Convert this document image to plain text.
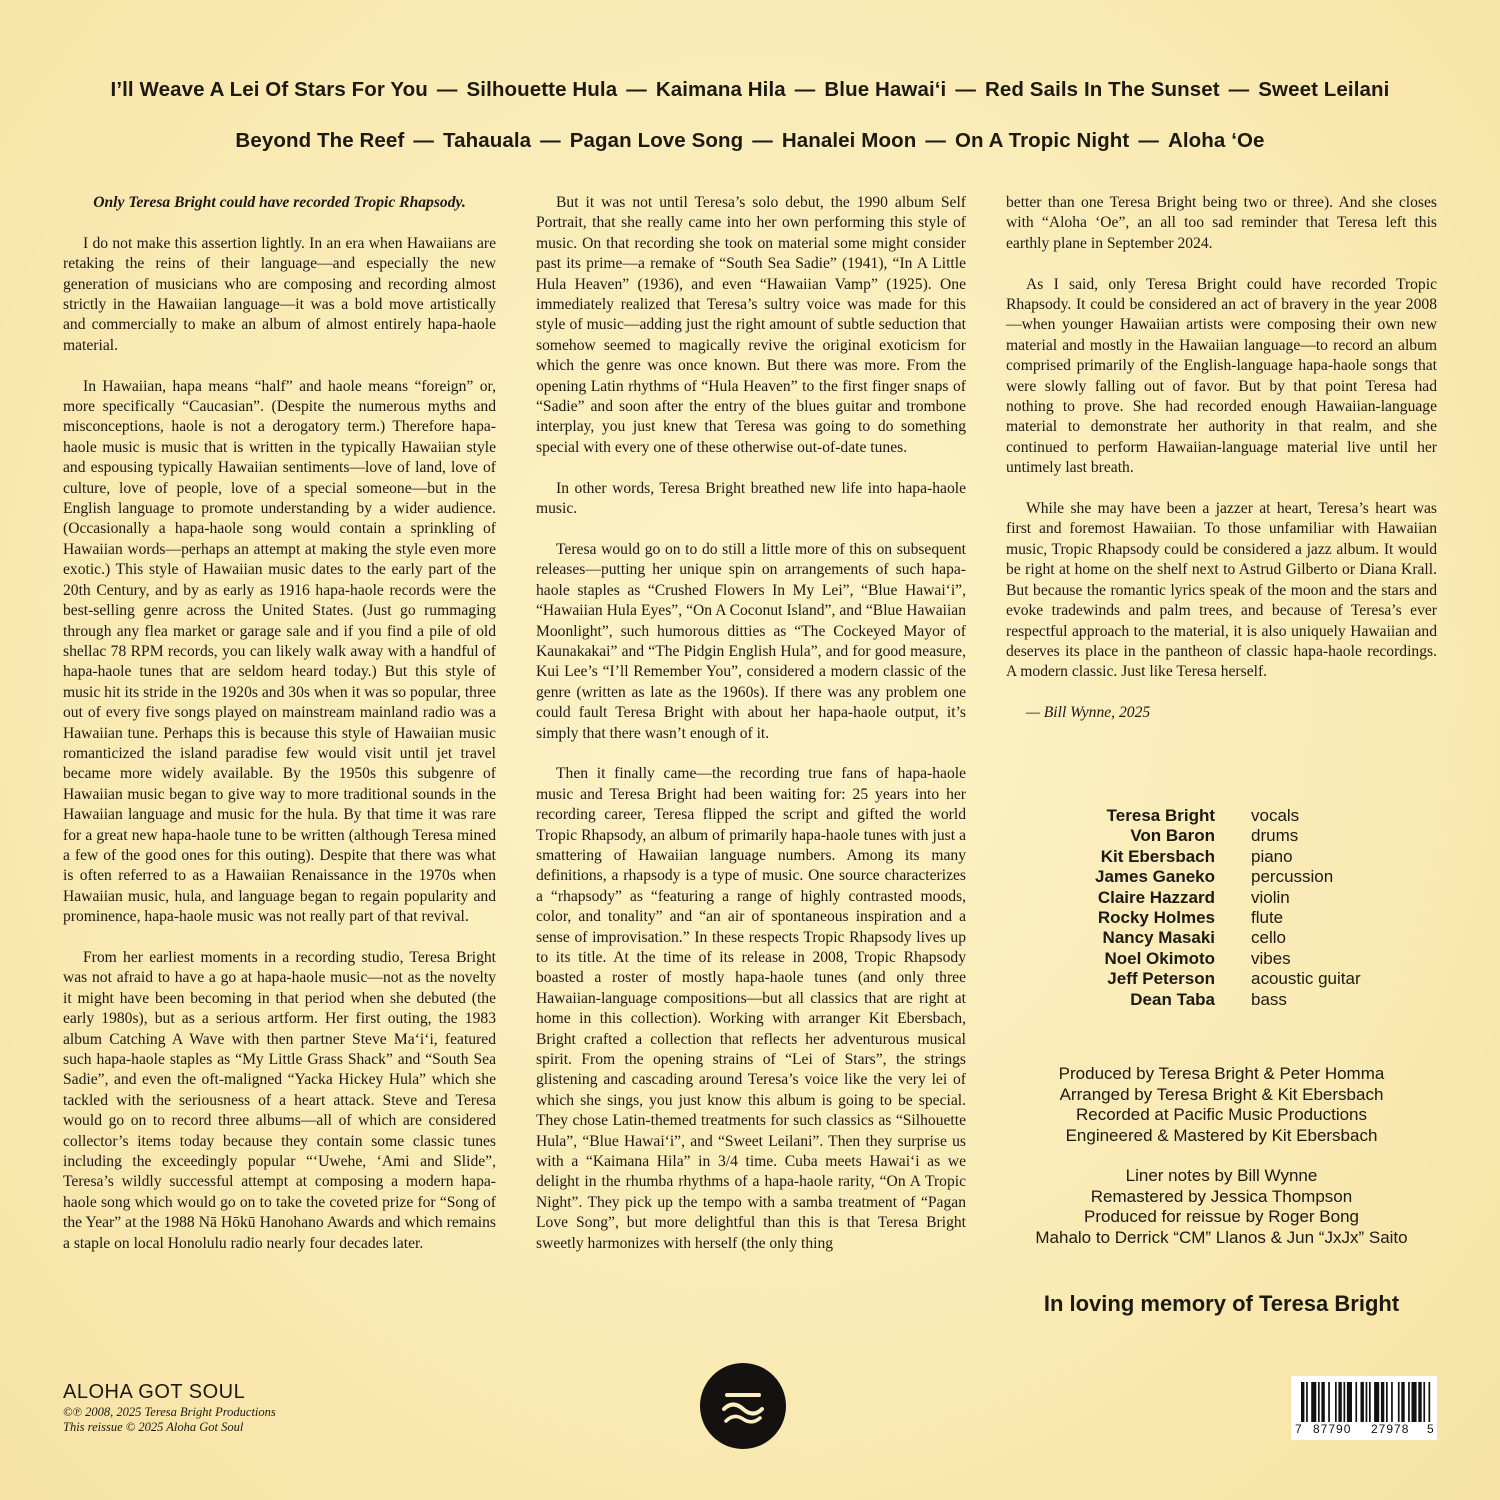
I’ll Weave A Lei Of Stars For You — Silhouette Hula — Kaimana Hila — Blue Hawai‘i — Red Sails In The Sunset — Sweet Leilani
Beyond The Reef — Tahauala — Pagan Love Song — Hanalei Moon — On A Tropic Night — Aloha ‘Oe

Only Teresa Bright could have recorded Tropic Rhapsody.

I do not make this assertion lightly. In an era when Hawaiians are retaking the reins of their language—and especially the new generation of musicians who are composing and recording almost strictly in the Hawaiian language—it was a bold move artistically and commercially to make an album of almost entirely hapa-haole material.

In Hawaiian, hapa means “half” and haole means “foreign” or, more specifically “Caucasian”. (Despite the numerous myths and misconceptions, haole is not a derogatory term.) Therefore hapa-haole music is music that is written in the typically Hawaiian style and espousing typically Hawaiian sentiments—love of land, love of culture, love of people, love of a special someone—but in the English language to promote understanding by a wider audience. (Occasionally a hapa-haole song would contain a sprinkling of Hawaiian words—perhaps an attempt at making the style even more exotic.) This style of Hawaiian music dates to the early part of the 20th Century, and by as early as 1916 hapa-haole records were the best-selling genre across the United States. (Just go rummaging through any flea market or garage sale and if you find a pile of old shellac 78 RPM records, you can likely walk away with a handful of hapa-haole tunes that are seldom heard today.) But this style of music hit its stride in the 1920s and 30s when it was so popular, three out of every five songs played on mainstream mainland radio was a Hawaiian tune. Perhaps this is because this style of Hawaiian music romanticized the island paradise few would visit until jet travel became more widely available. By the 1950s this subgenre of Hawaiian music began to give way to more traditional sounds in the Hawaiian language and music for the hula. By that time it was rare for a great new hapa-haole tune to be written (although Teresa mined a few of the good ones for this outing). Despite that there was what is often referred to as a Hawaiian Renaissance in the 1970s when Hawaiian music, hula, and language began to regain popularity and prominence, hapa-haole music was not really part of that revival.

From her earliest moments in a recording studio, Teresa Bright was not afraid to have a go at hapa-haole music—not as the novelty it might have been becoming in that period when she debuted (the early 1980s), but as a serious artform. Her first outing, the 1983 album Catching A Wave with then partner Steve Ma‘i‘i, featured such hapa-haole staples as “My Little Grass Shack” and “South Sea Sadie”, and even the oft-maligned “Yacka Hickey Hula” which she tackled with the seriousness of a heart attack. Steve and Teresa would go on to record three albums—all of which are considered collector’s items today because they contain some classic tunes including the exceedingly popular “‘Uwehe, ‘Ami and Slide”, Teresa’s wildly successful attempt at composing a modern hapa-haole song which would go on to take the coveted prize for “Song of the Year” at the 1988 Nā Hōkū Hanohano Awards and which remains a staple on local Honolulu radio nearly four decades later.

But it was not until Teresa’s solo debut, the 1990 album Self Portrait, that she really came into her own performing this style of music. On that recording she took on material some might consider past its prime—a remake of “South Sea Sadie” (1941), “In A Little Hula Heaven” (1936), and even “Hawaiian Vamp” (1925). One immediately realized that Teresa’s sultry voice was made for this style of music—adding just the right amount of subtle seduction that somehow seemed to magically revive the original exoticism for which the genre was once known. But there was more. From the opening Latin rhythms of “Hula Heaven” to the first finger snaps of “Sadie” and soon after the entry of the blues guitar and trombone interplay, you just knew that Teresa was going to do something special with every one of these otherwise out-of-date tunes.

In other words, Teresa Bright breathed new life into hapa-haole music.

Teresa would go on to do still a little more of this on subsequent releases—putting her unique spin on arrangements of such hapa-haole staples as “Crushed Flowers In My Lei”, “Blue Hawai‘i”, “Hawaiian Hula Eyes”, “On A Coconut Island”, and “Blue Hawaiian Moonlight”, such humorous ditties as “The Cockeyed Mayor of Kaunakakai” and “The Pidgin English Hula”, and for good measure, Kui Lee’s “I’ll Remember You”, considered a modern classic of the genre (written as late as the 1960s). If there was any problem one could fault Teresa Bright with about her hapa-haole output, it’s simply that there wasn’t enough of it.

Then it finally came—the recording true fans of hapa-haole music and Teresa Bright had been waiting for: 25 years into her recording career, Teresa flipped the script and gifted the world Tropic Rhapsody, an album of primarily hapa-haole tunes with just a smattering of Hawaiian language numbers. Among its many definitions, a rhapsody is a type of music. One source characterizes a “rhapsody” as “featuring a range of highly contrasted moods, color, and tonality” and “an air of spontaneous inspiration and a sense of improvisation.” In these respects Tropic Rhapsody lives up to its title. At the time of its release in 2008, Tropic Rhapsody boasted a roster of mostly hapa-haole tunes (and only three Hawaiian-language compositions—but all classics that are right at home in this collection). Working with arranger Kit Ebersbach, Bright crafted a collection that reflects her adventurous musical spirit. From the opening strains of “Lei of Stars”, the strings glistening and cascading around Teresa’s voice like the very lei of which she sings, you just know this album is going to be special. They chose Latin-themed treatments for such classics as “Silhouette Hula”, “Blue Hawai‘i”, and “Sweet Leilani”. Then they surprise us with a “Kaimana Hila” in 3/4 time. Cuba meets Hawai‘i as we delight in the rhumba rhythms of a hapa-haole rarity, “On A Tropic Night”. They pick up the tempo with a samba treatment of “Pagan Love Song”, but more delightful than this is that Teresa Bright sweetly harmonizes with herself (the only thing

better than one Teresa Bright being two or three). And she closes with “Aloha ‘Oe”, an all too sad reminder that Teresa left this earthly plane in September 2024.

As I said, only Teresa Bright could have recorded Tropic Rhapsody. It could be considered an act of bravery in the year 2008—when younger Hawaiian artists were composing their own new material and mostly in the Hawaiian language—to record an album comprised primarily of the English-language hapa-haole songs that were slowly falling out of favor. But by that point Teresa had nothing to prove. She had recorded enough Hawaiian-language material to demonstrate her authority in that realm, and she continued to perform Hawaiian-language material live until her untimely last breath.

While she may have been a jazzer at heart, Teresa’s heart was first and foremost Hawaiian. To those unfamiliar with Hawaiian music, Tropic Rhapsody could be considered a jazz album. It would be right at home on the shelf next to Astrud Gilberto or Diana Krall. But because the romantic lyrics speak of the moon and the stars and evoke tradewinds and palm trees, and because of Teresa’s ever respectful approach to the material, it is also uniquely Hawaiian and deserves its place in the pantheon of classic hapa-haole recordings. A modern classic. Just like Teresa herself.

— Bill Wynne, 2025

Teresa Bright vocals
Von Baron drums
Kit Ebersbach piano
James Ganeko percussion
Claire Hazzard violin
Rocky Holmes flute
Nancy Masaki cello
Noel Okimoto vibes
Jeff Peterson acoustic guitar
Dean Taba bass
Produced by Teresa Bright & Peter Homma
Arranged by Teresa Bright & Kit Ebersbach
Recorded at Pacific Music Productions
Engineered & Mastered by Kit Ebersbach
Liner notes by Bill Wynne
Remastered by Jessica Thompson
Produced for reissue by Roger Bong
Mahalo to Derrick “CM” Llanos & Jun “JxJx” Saito
In loving memory of Teresa Bright
ALOHA GOT SOUL
©℗ 2008, 2025 Teresa Bright Productions
This reissue © 2025 Aloha Got Soul	7 87790 27978 5
